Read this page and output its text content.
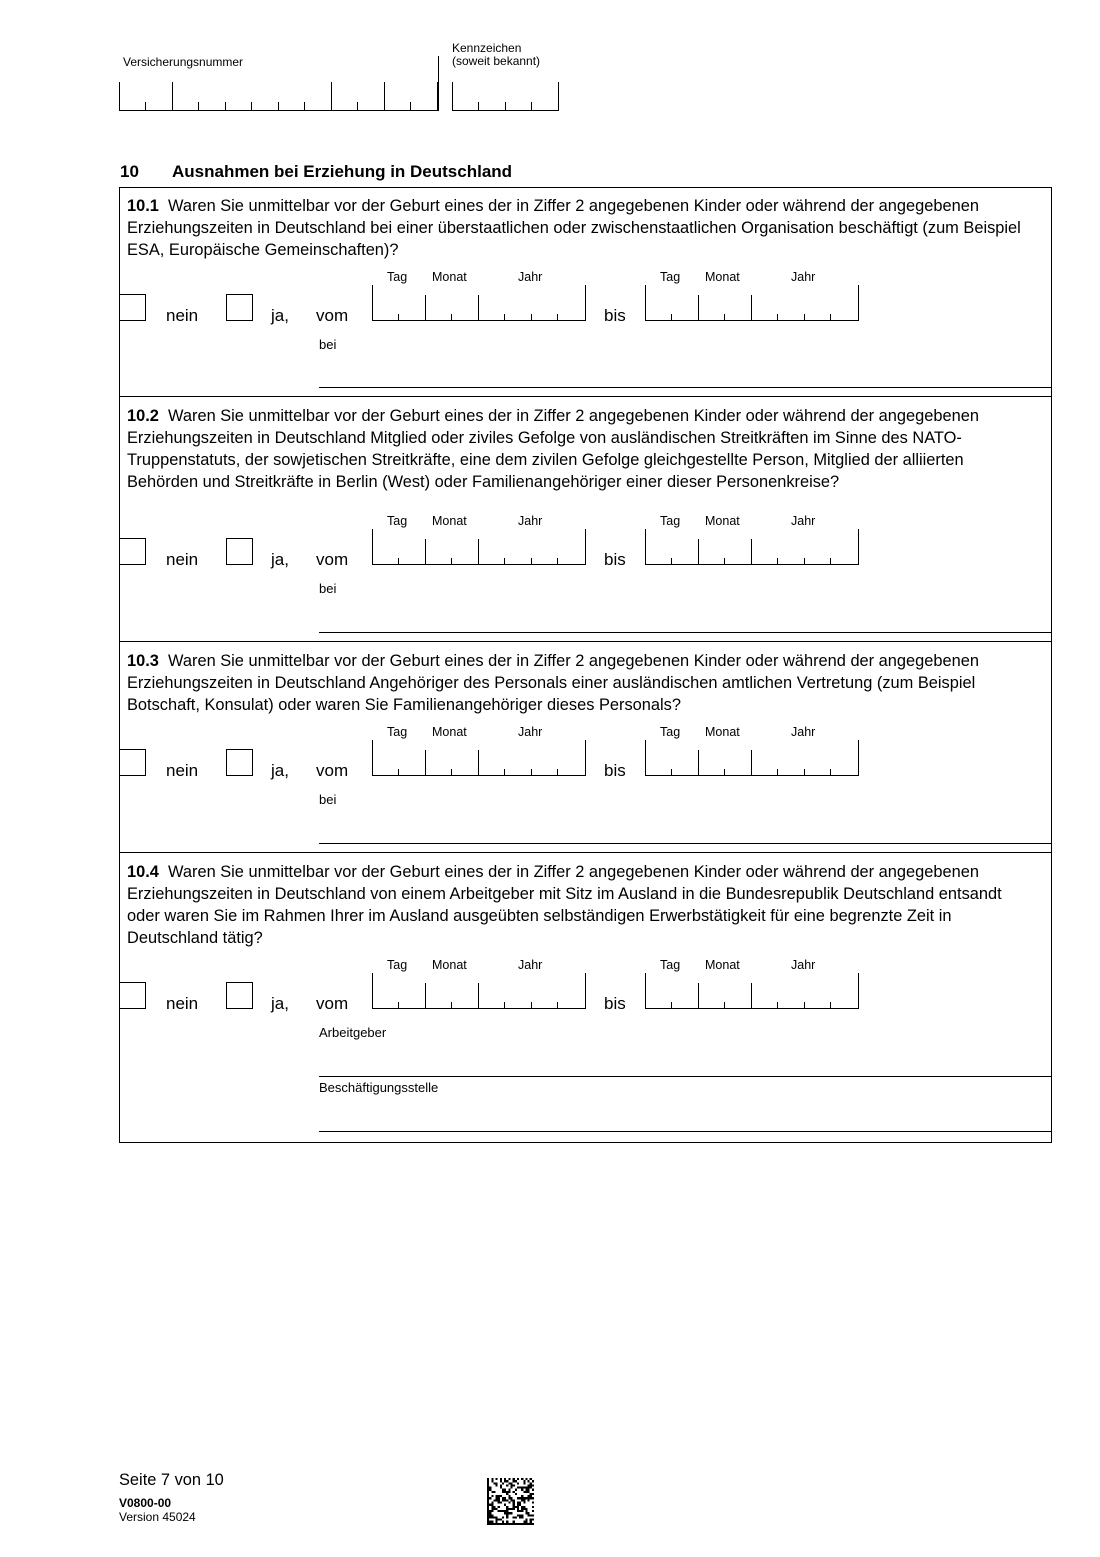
Versicherungsnummer
Kennzeichen
(soweit bekannt)
10 Ausnahmen bei Erziehung in Deutschland
10.1 Waren Sie unmittelbar vor der Geburt eines der in Ziffer 2 angegebenen Kinder oder während der angegebenen Erziehungszeiten in Deutschland bei einer überstaatlichen oder zwischenstaatlichen Organisation beschäftigt (zum Beispiel ESA, Europäische Gemeinschaften)?
nein	ja, vom
Tag Monat	Jahr
bis
Tag Monat	Jahr
bei
10.2 Waren Sie unmittelbar vor der Geburt eines der in Ziffer 2 angegebenen Kinder oder während der angegebenen Erziehungszeiten in Deutschland Mitglied oder ziviles Gefolge von ausländischen Streitkräften im Sinne des NATO-Truppenstatuts, der sowjetischen Streitkräfte, eine dem zivilen Gefolge gleichgestellte Person, Mitglied der alliierten Behörden und Streitkräfte in Berlin (West) oder Familienangehöriger einer dieser Personenkreise?
nein	ja, vom
Tag Monat	Jahr
bis
Tag Monat	Jahr
bei
10.3 Waren Sie unmittelbar vor der Geburt eines der in Ziffer 2 angegebenen Kinder oder während der angegebenen Erziehungszeiten in Deutschland Angehöriger des Personals einer ausländischen amtlichen Vertretung (zum Beispiel Botschaft, Konsulat) oder waren Sie Familienangehöriger dieses Personals?
nein	ja, vom
Tag Monat	Jahr
bis
Tag Monat	Jahr
bei
10.4 Waren Sie unmittelbar vor der Geburt eines der in Ziffer 2 angegebenen Kinder oder während der angegebenen Erziehungszeiten in Deutschland von einem Arbeitgeber mit Sitz im Ausland in die Bundesrepublik Deutschland entsandt oder waren Sie im Rahmen Ihrer im Ausland ausgeübten selbständigen Erwerbstätigkeit für eine begrenzte Zeit in Deutschland tätig?
nein	ja, vom
Tag Monat	Jahr
bis
Tag Monat	Jahr
Arbeitgeber
Beschäftigungsstelle
Seite 7 von 10
V0800-00
Version 45024
